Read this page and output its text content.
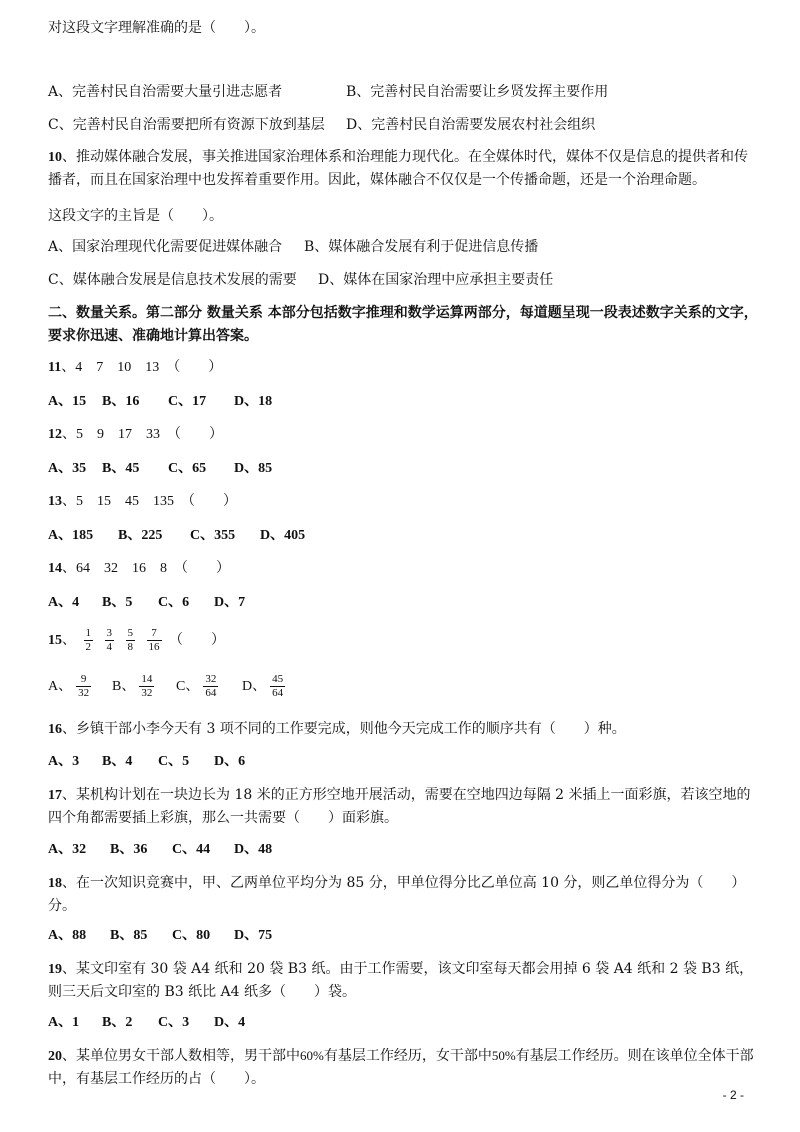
对这段文字理解准确的是（　　）。
A、完善村民自治需要大量引进志愿者	B、完善村民自治需要让乡贤发挥主要作用
C、完善村民自治需要把所有资源下放到基层 D、完善村民自治需要发展农村社会组织
10、推动媒体融合发展，事关推进国家治理体系和治理能力现代化。在全媒体时代，媒体不仅是信息的提供者和传播者，而且在国家治理中也发挥着重要作用。因此，媒体融合不仅仅是一个传播命题，还是一个治理命题。
这段文字的主旨是（　　）。
A、国家治理现代化需要促进媒体融合 B、媒体融合发展有利于促进信息传播
C、媒体融合发展是信息技术发展的需要 D、媒体在国家治理中应承担主要责任
二、数量关系。第二部分 数量关系 本部分包括数字推理和数学运算两部分，每道题呈现一段表述数字关系的文字，要求你迅速、准确地计算出答案。
11、4　7　10　13　（　　）
A、15 B、16 C、17 D、18
12、5　9　17　33　（　　）
A、35 B、45 C、65 D、85
13、5　15　45　135　（　　）
A、185 B、225 C、355 D、405
14、64　32　16　8　（　　）
A、4 B、5 C、6 D、7
15、 $\frac{1}{2}$
$\frac{3}{4}$
$\frac{5}{8}$
$\frac{7}{16}$ （　　）
A、 $\frac{9}{32}$ B、 $\frac{14}{32}$ C、 $\frac{32}{64}$ D、 $\frac{45}{64}$
16、乡镇干部小李今天有 3 项不同的工作要完成，则他今天完成工作的顺序共有（　　）种。
A、3 B、4 C、5 D、6
17、某机构计划在一块边长为 18 米的正方形空地开展活动，需要在空地四边每隔 2 米插上一面彩旗，若该空地的四个角都需要插上彩旗，那么一共需要（　　）面彩旗。
A、32 B、36 C、44 D、48
18、在一次知识竞赛中，甲、乙两单位平均分为 85 分，甲单位得分比乙单位高 10 分，则乙单位得分为（　　）分。
A、88 B、85 C、80 D、75
19、某文印室有 30 袋 A4 纸和 20 袋 B3 纸。由于工作需要，该文印室每天都会用掉 6 袋 A4 纸和 2 袋 B3 纸，则三天后文印室的 B3 纸比 A4 纸多（　　）袋。
A、1 B、2 C、3 D、4
20、某单位男女干部人数相等，男干部中60%有基层工作经历，女干部中50%有基层工作经历。则在该单位全体干部中，有基层工作经历的占（　　）。
- 2 -
